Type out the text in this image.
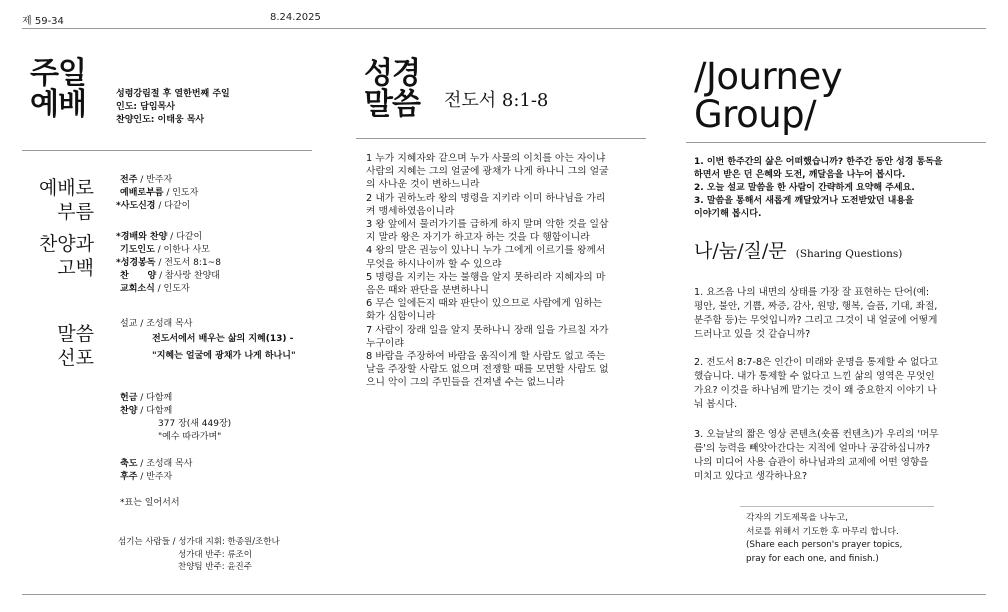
제 59-34	8.24.2025
주일
예배	성령강림절 후 열한번째 주일
인도: 담임목사
찬양인도: 이태웅 목사
예배로
부름
전주 / 반주자
예배로부름 / 인도자
*사도신경 / 다같이
찬양과
고백
*경배와 찬양 / 다같이
기도인도 / 이한나 사모
*성경봉독 / 전도서 8:1~8
찬      양 / 참사랑 찬양대
교회소식 / 인도자
말씀
선포
설교 / 조성래 목사
전도서에서 배우는 삶의 지혜(13) -
"지혜는 얼굴에 광채가 나게 하나니"
헌금 / 다함께
찬양 / 다함께
377 장(새 449장)
"예수 따라가며"
축도 / 조성래 목사
후주 / 반주자
*표는 일어서서
섬기는 사람들 / 성가대 지휘: 한종원/조한나
성가대 반주: 류조이
찬양팀 반주: 윤진주
성경
말씀 전도서 8:1-8
1 누가 지혜자와 같으며 누가 사물의 이치를 아는 자이냐
사람의 지혜는 그의 얼굴에 광채가 나게 하나니 그의 얼굴
의 사나운 것이 변하느니라
2 내가 권하노라 왕의 명령을 지키라 이미 하나님을 가리
켜 맹세하였음이니라
3 왕 앞에서 물러가기를 급하게 하지 말며 악한 것을 일삼
지 말라 왕은 자기가 하고자 하는 것을 다 행함이니라
4 왕의 말은 권능이 있나니 누가 그에게 이르기를 왕께서
무엇을 하시나이까 할 수 있으랴
5 명령을 지키는 자는 불행을 알지 못하리라 지혜자의 마
음은 때와 판단을 분변하나니
6 무슨 일에든지 때와 판단이 있으므로 사람에게 임하는
화가 심함이니라
7 사람이 장래 일을 알지 못하나니 장래 일을 가르칠 자가
누구이랴
8 바람을 주장하여 바람을 움직이게 할 사람도 없고 죽는
날을 주장할 사람도 없으며 전쟁할 때를 모면할 사람도 없
으니 악이 그의 주민들을 건져낼 수는 없느니라
/Journey
Group/
1. 이번 한주간의 삶은 어떠했습니까? 한주간 동안 성경 통독을
하면서 받은 던 은혜와 도전, 깨달음을 나누어 봅시다.
2. 오늘 설교 말씀을 한 사람이 간략하게 요약해 주세요.
3. 말씀을 통해서 새롭게 깨달았거나 도전받았던 내용을
이야기해 봅시다.
나/눔/질/문 (Sharing Questions)
1. 요즈음 나의 내면의 상태를 가장 잘 표현하는 단어(예:
평안, 불안, 기쁨, 짜증, 감사, 원망, 행복, 슬픔, 기대, 좌절,
분주함 등)는 무엇입니까? 그리고 그것이 내 얼굴에 어떻게
드러나고 있을 것 같습니까?
2. 전도서 8:7-8은 인간이 미래와 운명을 통제할 수 없다고
했습니다. 내가 통제할 수 없다고 느낀 삶의 영역은 무엇인
가요? 이것을 하나님께 맡기는 것이 왜 중요한지 이야기 나
눠 봅시다.
3. 오늘날의 짧은 영상 콘텐츠(숏폼 컨텐츠)가 우리의 '머무
름'의 능력을 빼앗아간다는 지적에 얼마나 공감하십니까?
나의 미디어 사용 습관이 하나님과의 교제에 어떤 영향을
미치고 있다고 생각하나요?
각자의 기도제목을 나누고,
서로를 위해서 기도한 후 마무리 합니다.
(Share each person's prayer topics,
pray for each one, and finish.)
